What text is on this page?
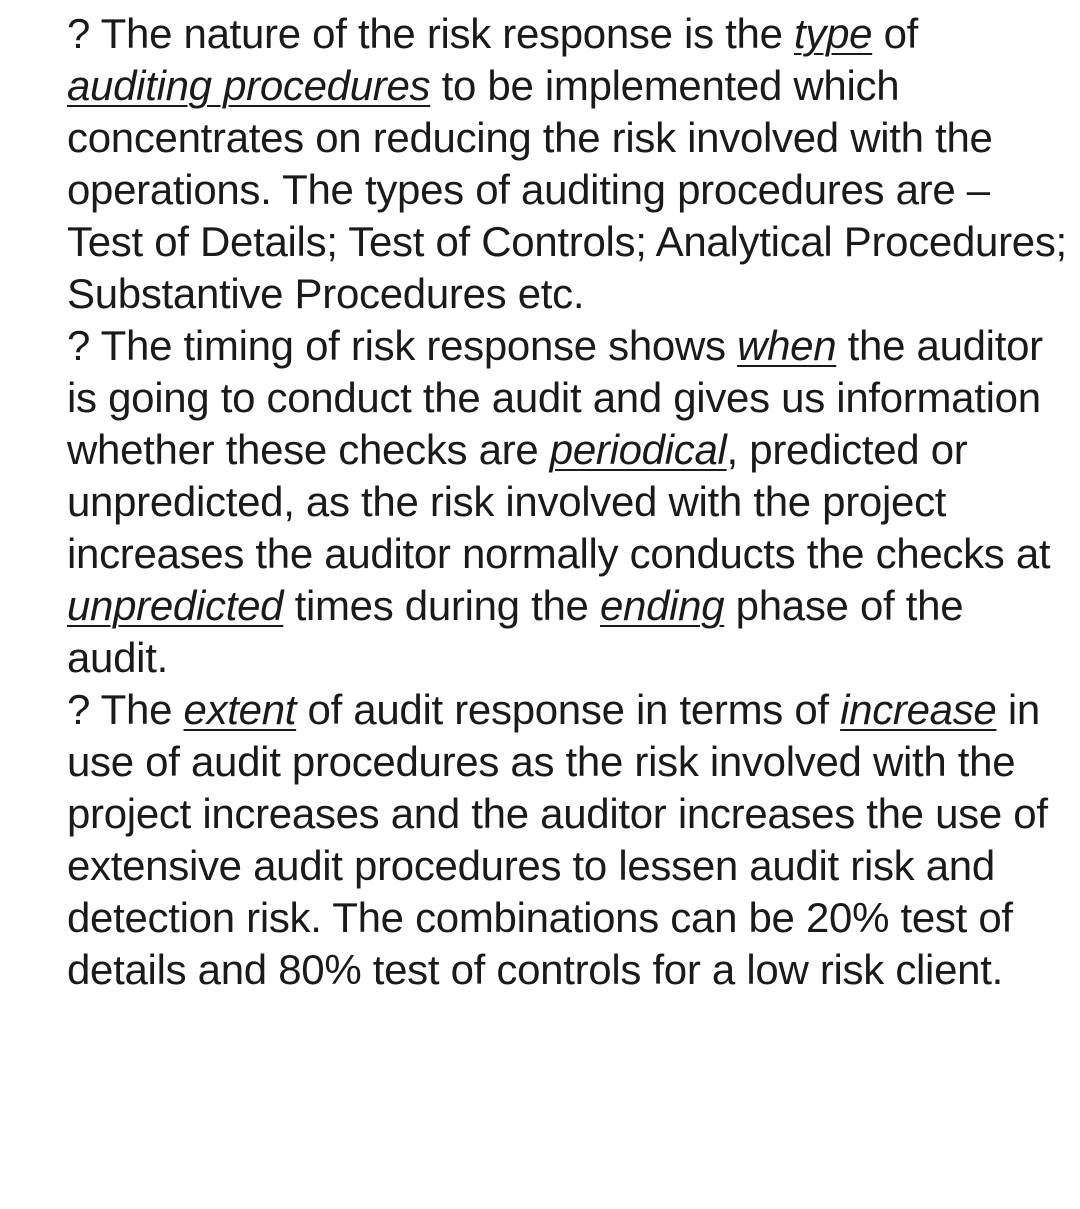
? The nature of the risk response is the type of auditing procedures to be implemented which concentrates on reducing the risk involved with the operations. The types of auditing procedures are – Test of Details; Test of Controls; Analytical Procedures; Substantive Procedures etc.

? The timing of risk response shows when the auditor is going to conduct the audit and gives us information whether these checks are periodical, predicted or unpredicted, as the risk involved with the project increases the auditor normally conducts the checks at unpredicted times during the ending phase of the audit.

? The extent of audit response in terms of increase in use of audit procedures as the risk involved with the project increases and the auditor increases the use of extensive audit procedures to lessen audit risk and detection risk. The combinations can be 20% test of details and 80% test of controls for a low risk client.
